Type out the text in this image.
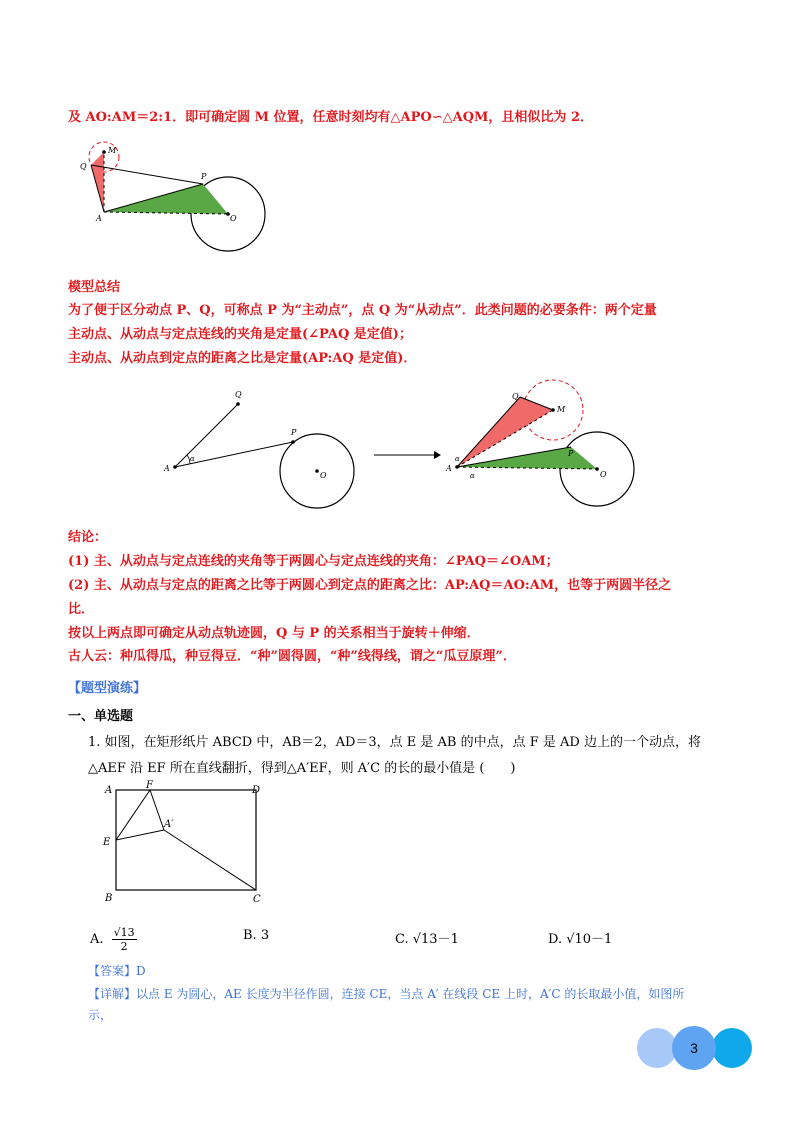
及 AO:AM＝2:1．即可确定圆 M 位置，任意时刻均有△APO∽△AQM，且相似比为 2．
M
Q
P
A	O
模型总结
为了便于区分动点 P、Q，可称点 P 为“主动点”，点 Q 为“从动点”．此类问题的必要条件：两个定量
主动点、从动点与定点连线的夹角是定量(∠PAQ 是定值)；
主动点、从动点到定点的距离之比是定量(AP:AQ 是定值)．
Q
P
A
O
α
Q
M
P
A
O
α
α
结论：
(1) 主、从动点与定点连线的夹角等于两圆心与定点连线的夹角：∠PAQ＝∠OAM；
(2) 主、从动点与定点的距离之比等于两圆心到定点的距离之比：AP:AQ＝AO:AM，也等于两圆半径之
比．
按以上两点即可确定从动点轨迹圆，Q 与 P 的关系相当于旋转＋伸缩．
古人云：种瓜得瓜，种豆得豆．“种”圆得圆，“种”线得线，谓之“瓜豆原理”．
【题型演练】
一、单选题
1. 如图，在矩形纸片 ABCD 中，AB＝2，AD＝3，点 E 是 AB 的中点，点 F 是 AD 边上的一个动点，将
△AEF 沿 EF 所在直线翻折，得到△A′EF，则 A′C 的长的最小值是 (　　)
A	F	D
A′
E
B	C
A. $\frac{√13}{2}$	B. 3	C. √13－1	D. √10－1
【答案】D
【详解】以点 E 为圆心，AE 长度为半径作圆，连接 CE，当点 A′ 在线段 CE 上时，A′C 的长取最小值，如图所
示，
3
